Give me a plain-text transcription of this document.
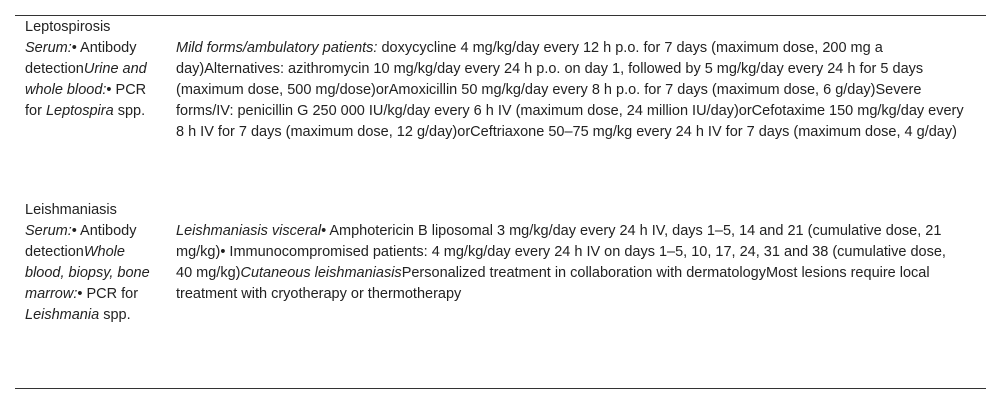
Leptospirosis
Serum:• Antibody detectionUrine and whole blood:• PCR for Leptospira spp.
Mild forms/ambulatory patients: doxycycline 4 mg/kg/day every 12 h p.o. for 7 days (maximum dose, 200 mg a day)Alternatives: azithromycin 10 mg/kg/day every 24 h p.o. on day 1, followed by 5 mg/kg/day every 24 h for 5 days (maximum dose, 500 mg/dose)orAmoxicillin 50 mg/kg/day every 8 h p.o. for 7 days (maximum dose, 6 g/day)Severe forms/IV: penicillin G 250 000 IU/kg/day every 6 h IV (maximum dose, 24 million IU/day)orCefotaxime 150 mg/kg/day every 8 h IV for 7 days (maximum dose, 12 g/day)orCeftriaxone 50–75 mg/kg every 24 h IV for 7 days (maximum dose, 4 g/day)
Leishmaniasis
Serum:• Antibody detectionWhole blood, biopsy, bone marrow:• PCR for Leishmania spp.
Leishmaniasis visceral• Amphotericin B liposomal 3 mg/kg/day every 24 h IV, days 1–5, 14 and 21 (cumulative dose, 21 mg/kg)• Immunocompromised patients: 4 mg/kg/day every 24 h IV on days 1–5, 10, 17, 24, 31 and 38 (cumulative dose, 40 mg/kg)Cutaneous leishmaniasisPersonalized treatment in collaboration with dermatologyMost lesions require local treatment with cryotherapy or thermotherapy
